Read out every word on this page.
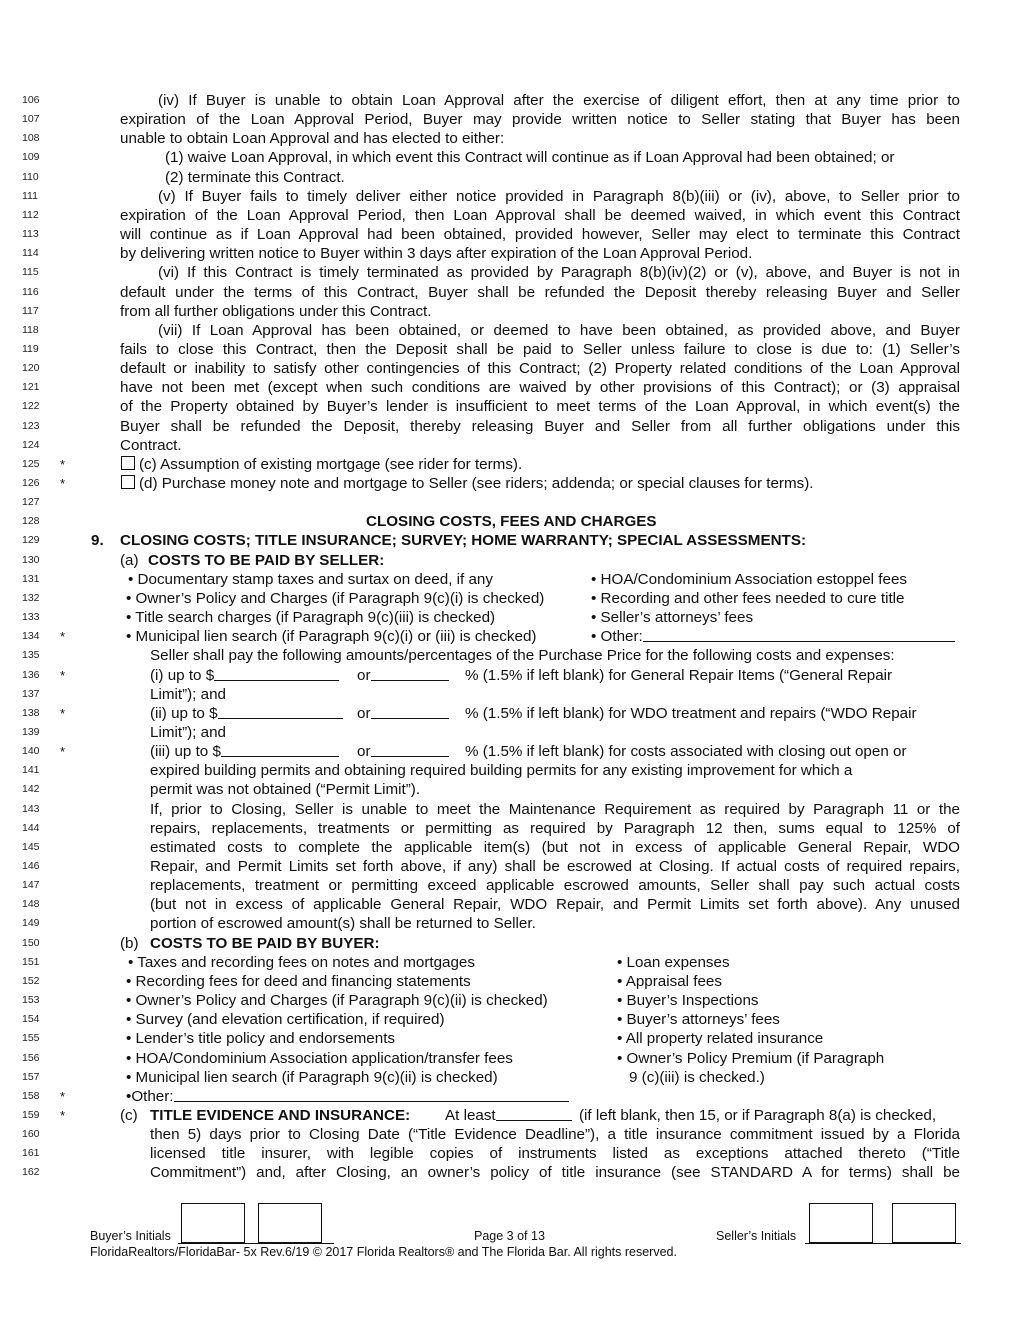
106	(iv) If Buyer is unable to obtain Loan Approval after the exercise of diligent effort, then at any time prior to
107	expiration of the Loan Approval Period, Buyer may provide written notice to Seller stating that Buyer has been
108	unable to obtain Loan Approval and has elected to either:
109	(1) waive Loan Approval, in which event this Contract will continue as if Loan Approval had been obtained; or
110	(2) terminate this Contract.
111	(v) If Buyer fails to timely deliver either notice provided in Paragraph 8(b)(iii) or (iv), above, to Seller prior to
112	expiration of the Loan Approval Period, then Loan Approval shall be deemed waived, in which event this Contract
113	will continue as if Loan Approval had been obtained, provided however, Seller may elect to terminate this Contract
114	by delivering written notice to Buyer within 3 days after expiration of the Loan Approval Period.
115	(vi) If this Contract is timely terminated as provided by Paragraph 8(b)(iv)(2) or (v), above, and Buyer is not in
116	default under the terms of this Contract, Buyer shall be refunded the Deposit thereby releasing Buyer and Seller
117	from all further obligations under this Contract.
118	(vii) If Loan Approval has been obtained, or deemed to have been obtained, as provided above, and Buyer
119	fails to close this Contract, then the Deposit shall be paid to Seller unless failure to close is due to: (1) Seller’s
120	default or inability to satisfy other contingencies of this Contract; (2) Property related conditions of the Loan Approval
121	have not been met (except when such conditions are waived by other provisions of this Contract); or (3) appraisal
122	of the Property obtained by Buyer’s lender is insufficient to meet terms of the Loan Approval, in which event(s) the
123	Buyer shall be refunded the Deposit, thereby releasing Buyer and Seller from all further obligations under this
124	Contract.
125	*	(c) Assumption of existing mortgage (see rider for terms).
126	*	(d) Purchase money note and mortgage to Seller (see riders; addenda; or special clauses for terms).
127
128	CLOSING COSTS, FEES AND CHARGES
129	9. CLOSING COSTS; TITLE INSURANCE; SURVEY; HOME WARRANTY; SPECIAL ASSESSMENTS:
130	(a) COSTS TO BE PAID BY SELLER:
131	• Documentary stamp taxes and surtax on deed, if any	• HOA/Condominium Association estoppel fees
132	• Owner’s Policy and Charges (if Paragraph 9(c)(i) is checked)	• Recording and other fees needed to cure title
133	• Title search charges (if Paragraph 9(c)(iii) is checked)	• Seller’s attorneys’ fees
134	*	• Municipal lien search (if Paragraph 9(c)(i) or (iii) is checked)	• Other:
135	Seller shall pay the following amounts/percentages of the Purchase Price for the following costs and expenses:
136	*	(i) up to $	or	% (1.5% if left blank) for General Repair Items (“General Repair
137	Limit”); and
138	*	(ii) up to $	or	% (1.5% if left blank) for WDO treatment and repairs (“WDO Repair
139	Limit”); and
140	*	(iii) up to $	or	% (1.5% if left blank) for costs associated with closing out open or
141	expired building permits and obtaining required building permits for any existing improvement for which a
142	permit was not obtained (“Permit Limit”).
143	If, prior to Closing, Seller is unable to meet the Maintenance Requirement as required by Paragraph 11 or the
144	repairs, replacements, treatments or permitting as required by Paragraph 12 then, sums equal to 125% of
145	estimated costs to complete the applicable item(s) (but not in excess of applicable General Repair, WDO
146	Repair, and Permit Limits set forth above, if any) shall be escrowed at Closing. If actual costs of required repairs,
147	replacements, treatment or permitting exceed applicable escrowed amounts, Seller shall pay such actual costs
148	(but not in excess of applicable General Repair, WDO Repair, and Permit Limits set forth above). Any unused
149	portion of escrowed amount(s) shall be returned to Seller.
150	(b) COSTS TO BE PAID BY BUYER:
151	• Taxes and recording fees on notes and mortgages	• Loan expenses
152	• Recording fees for deed and financing statements	• Appraisal fees
153	• Owner’s Policy and Charges (if Paragraph 9(c)(ii) is checked)	• Buyer’s Inspections
154	• Survey (and elevation certification, if required)	• Buyer’s attorneys’ fees
155	• Lender’s title policy and endorsements	• All property related insurance
156	• HOA/Condominium Association application/transfer fees	• Owner’s Policy Premium (if Paragraph
157	• Municipal lien search (if Paragraph 9(c)(ii) is checked)	9 (c)(iii) is checked.)
158	*	•Other:
159	*	(c) TITLE EVIDENCE AND INSURANCE: At least	(if left blank, then 15, or if Paragraph 8(a) is checked,
160	then 5) days prior to Closing Date (“Title Evidence Deadline”), a title insurance commitment issued by a Florida
161	licensed title insurer, with legible copies of instruments listed as exceptions attached thereto (“Title
162	Commitment”) and, after Closing, an owner’s policy of title insurance (see STANDARD A for terms) shall be
Buyer’s Initials	Page 3 of 13	Seller’s Initials
FloridaRealtors/FloridaBar- 5x Rev.6/19 © 2017 Florida Realtors® and The Florida Bar. All rights reserved.
